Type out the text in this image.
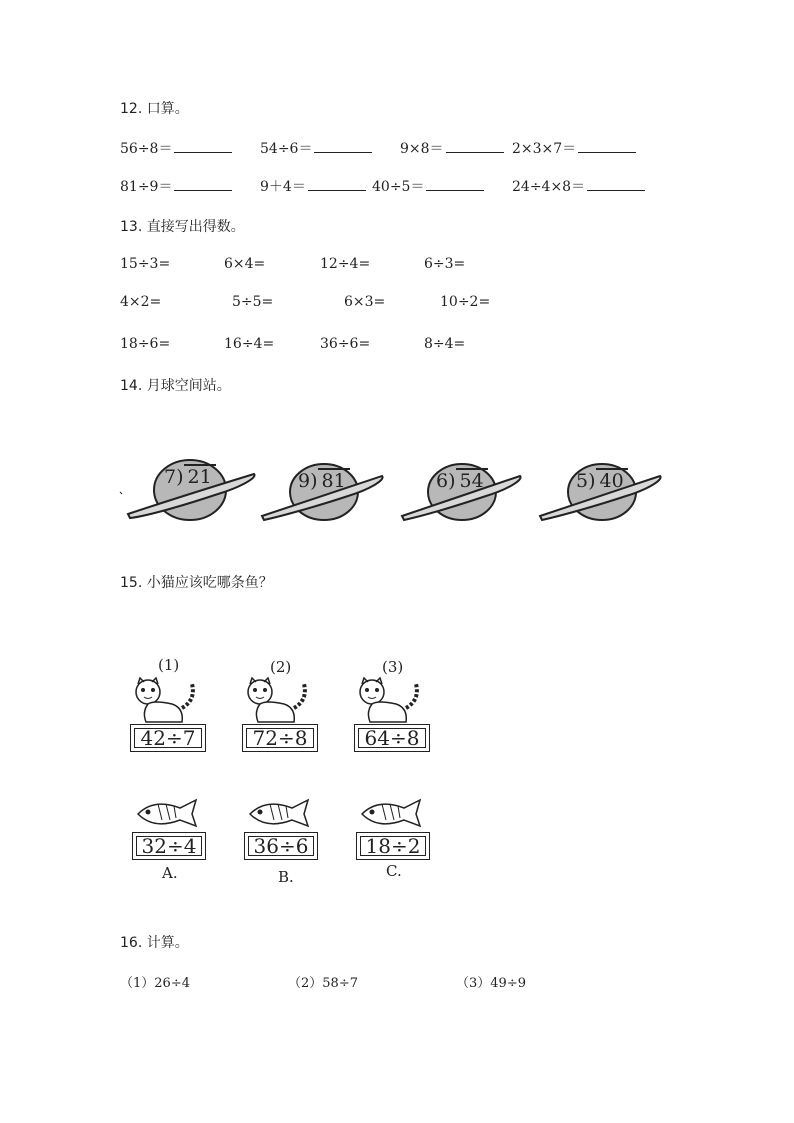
12. 口算。
56÷8＝	54÷6＝	9×8＝	2×3×7＝
81÷9＝	9＋4＝	40÷5＝	24÷4×8＝
13. 直接写出得数。
15÷3=	6×4=	12÷4=	6÷3=
4×2=	5÷5=	6×3=	10÷2=
18÷6=	16÷4=	36÷6=	8÷4=
14. 月球空间站。
7) 21	9) 81	6) 54	5) 40
15. 小猫应该吃哪条鱼？
(1)	(2)	(3)
42÷7	72÷8	64÷8
32÷4	36÷6	18÷2
A.	B.	C.
16. 计算。
（1）26÷4	（2）58÷7	（3）49÷9
